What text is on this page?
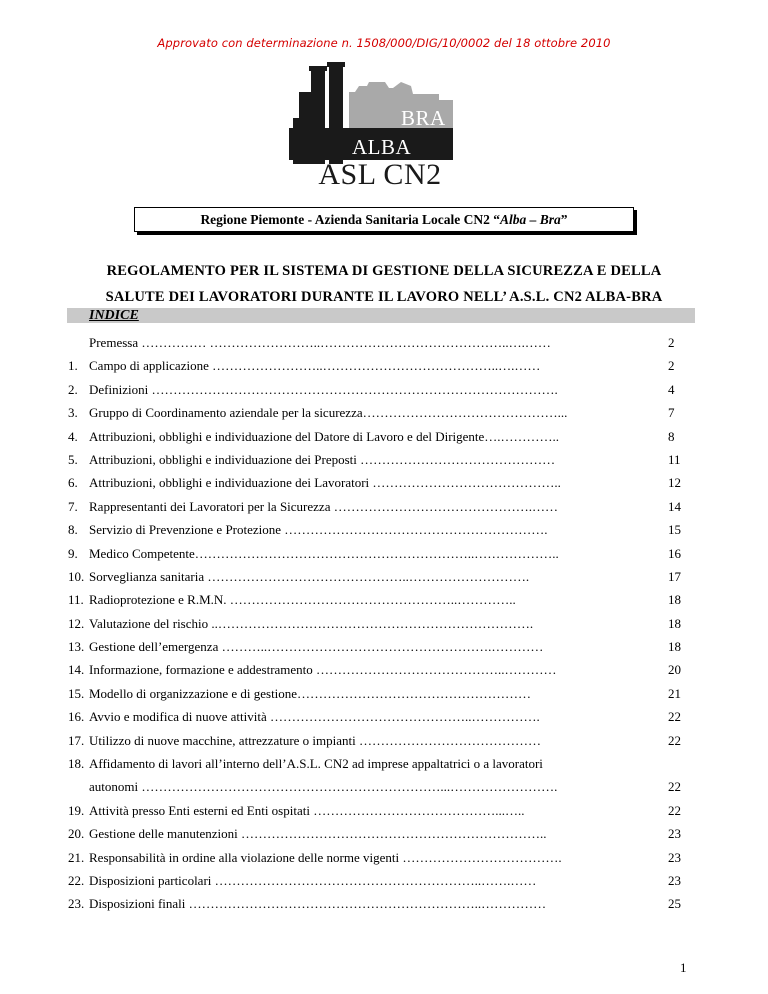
Approvato con determinazione n. 1508/000/DIG/10/0002 del 18 ottobre 2010
BRA
ALBA
ASL CN2
Regione Piemonte - Azienda Sanitaria Locale CN2 “Alba – Bra”
REGOLAMENTO PER IL SISTEMA DI GESTIONE DELLA SICUREZZA E DELLA
SALUTE DEI LAVORATORI DURANTE IL LAVORO NELL’ A.S.L. CN2 ALBA-BRA
INDICE
Premessa …………… ……………………..……………………………………..….……	2
1. Campo di applicazione ……………………..…………………………………..….……	2
2. Definizioni ………………………………………………………………………………….	4
3. Gruppo di Coordinamento aziendale per la sicurezza………………………………………...	7
4. Attribuzioni, obblighi e individuazione del Datore di Lavoro e del Dirigente….…………..	8
5. Attribuzioni, obblighi e individuazione dei Preposti ………………………………………	11
6. Attribuzioni, obblighi e individuazione dei Lavoratori ……………………………………..	12
7. Rappresentanti dei Lavoratori per la Sicurezza ……………………………………….……	14
8. Servizio di Prevenzione e Protezione …………………………………………………….	15
9. Medico Competente………………………………………………………..………………..	16
10. Sorveglianza sanitaria ………………………………………..……………………….	17
11. Radioprotezione e R.M.N. ……………………………………………..…………..	18
12. Valutazione del rischio ..……………………………………………………………….	18
13. Gestione dell’emergenza ………..…………………………………………….…………	18
14. Informazione, formazione e addestramento ……………………………………..…………	20
15. Modello di organizzazione e di gestione………………………………………………	21
16. Avvio e modifica di nuove attività ………………………………………..…………….	22
17. Utilizzo di nuove macchine, attrezzature o impianti ……………………………………	22
18. Affidamento di lavori all’interno dell’A.S.L. CN2 ad imprese appaltatrici o a lavoratori
autonomi ……………………………………………………………...…………………….	22
19. Attività presso Enti esterni ed Enti ospitati ……………………………………...…..	22
20. Gestione delle manutenzioni ……………………………………………………………..	23
21. Responsabilità in ordine alla violazione delle norme vigenti ……………………………….	23
22. Disposizioni particolari ……………………………………………………..…….……	23
23. Disposizioni finali …………………………………………………………..……………	25
1
